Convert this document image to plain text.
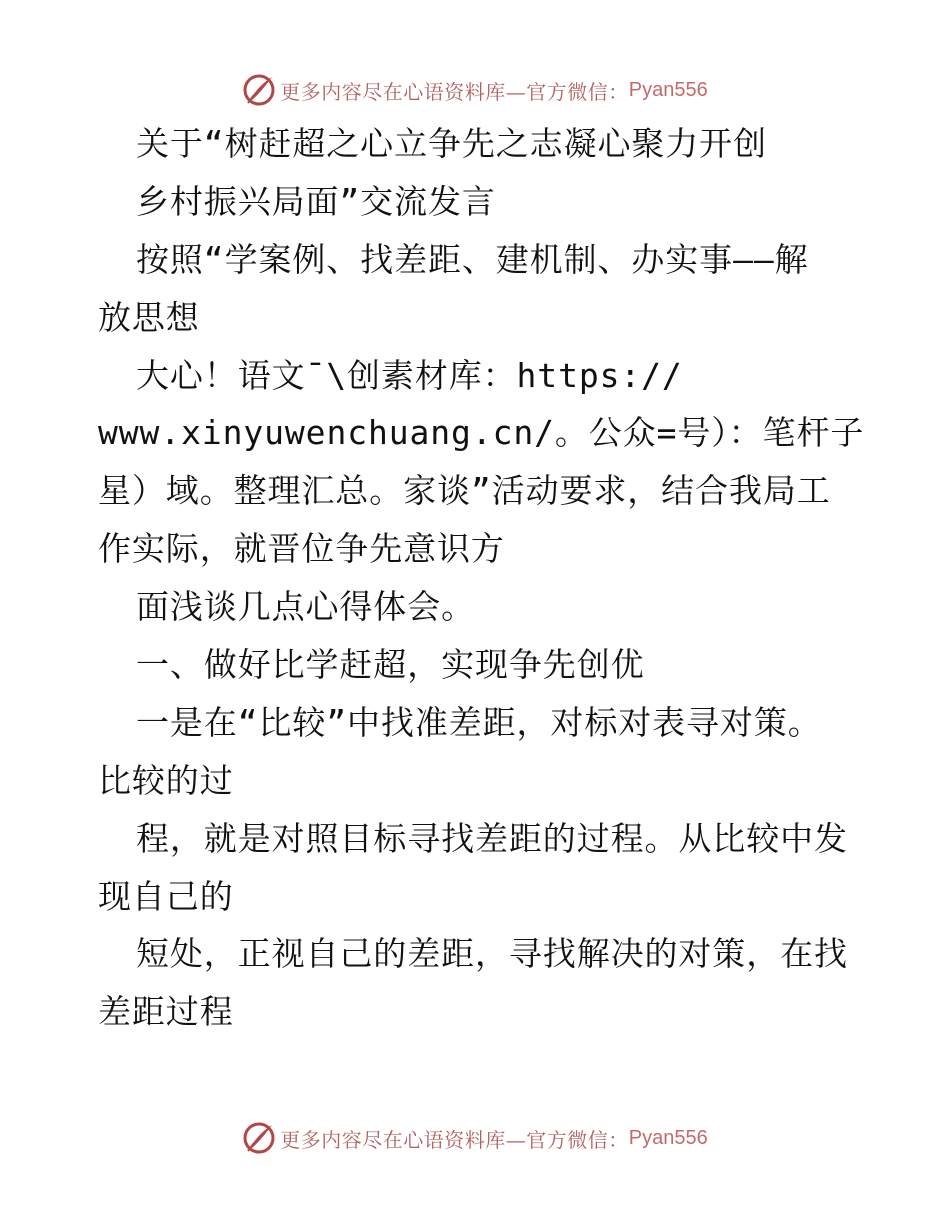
更多内容尽在心语资料库—官方微信： Pyan556
关于“树赶超之心立争先之志凝心聚力开创
乡村振兴局面”交流发言
按照“学案例、找差距、建机制、办实事——解
放思想
大心！语文¯\创素材库：https://
www.xinyuwenchuang.cn/。公众=号）：笔杆子
星）域。整理汇总。家谈”活动要求，结合我局工
作实际，就晋位争先意识方
面浅谈几点心得体会。
一、做好比学赶超，实现争先创优
一是在“比较”中找准差距，对标对表寻对策。
比较的过
程，就是对照目标寻找差距的过程。从比较中发
现自己的
短处，正视自己的差距，寻找解决的对策，在找
差距过程
更多内容尽在心语资料库—官方微信： Pyan556
